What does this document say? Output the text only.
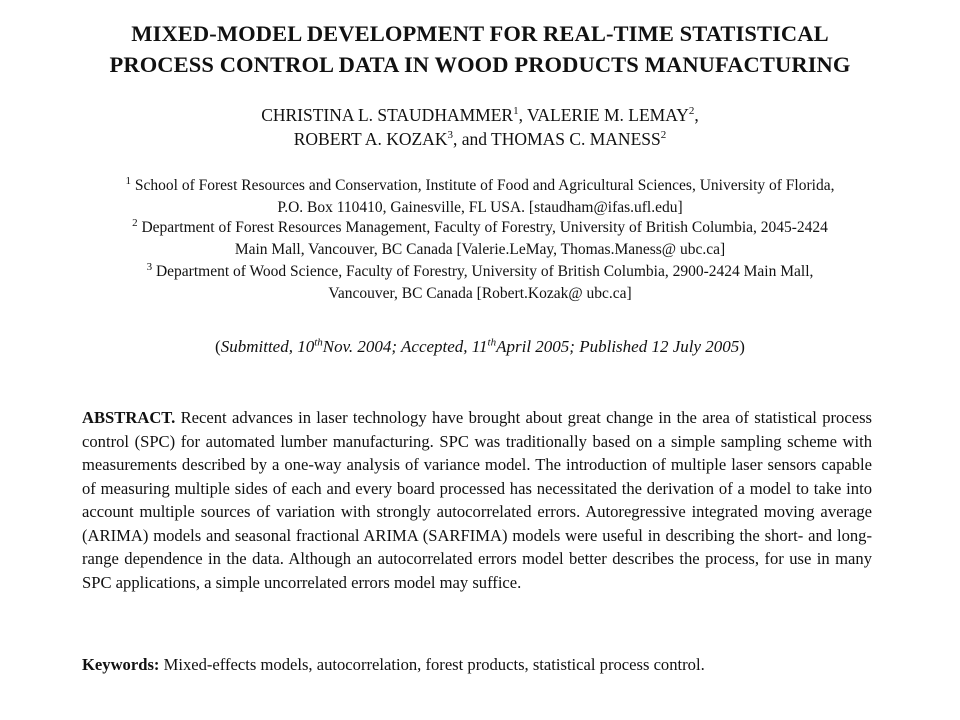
MIXED-MODEL DEVELOPMENT FOR REAL-TIME STATISTICAL
PROCESS CONTROL DATA IN WOOD PRODUCTS MANUFACTURING
CHRISTINA L. STAUDHAMMER$^1$, VALERIE M. LEMAY$^2$,
ROBERT A. KOZAK$^3$, and THOMAS C. MANESS$^2$
$^1$ School of Forest Resources and Conservation, Institute of Food and Agricultural Sciences, University of Florida,
P.O. Box 110410, Gainesville, FL USA. [staudham@ifas.ufl.edu]
$^2$ Department of Forest Resources Management, Faculty of Forestry, University of British Columbia, 2045-2424
Main Mall, Vancouver, BC Canada [Valerie.LeMay, Thomas.Maness@ ubc.ca]
$^3$ Department of Wood Science, Faculty of Forestry, University of British Columbia, 2900-2424 Main Mall,
Vancouver, BC Canada [Robert.Kozak@ ubc.ca]
(Submitted, 10thNov. 2004; Accepted, 11thApril 2005; Published 12 July 2005)
ABSTRACT. Recent advances in laser technology have brought about great change in the area of statistical process control (SPC) for automated lumber manufacturing. SPC was traditionally based on a simple sampling scheme with measurements described by a one-way analysis of variance model. The introduction of multiple laser sensors capable of measuring multiple sides of each and every board processed has necessitated the derivation of a model to take into account multiple sources of variation with strongly autocorrelated errors. Autoregressive integrated moving average (ARIMA) models and seasonal fractional ARIMA (SARFIMA) models were useful in describing the short- and long-range dependence in the data. Although an autocorrelated errors model better describes the process, for use in many SPC applications, a simple uncorrelated errors model may suffice.
Keywords: Mixed-effects models, autocorrelation, forest products, statistical process control.
